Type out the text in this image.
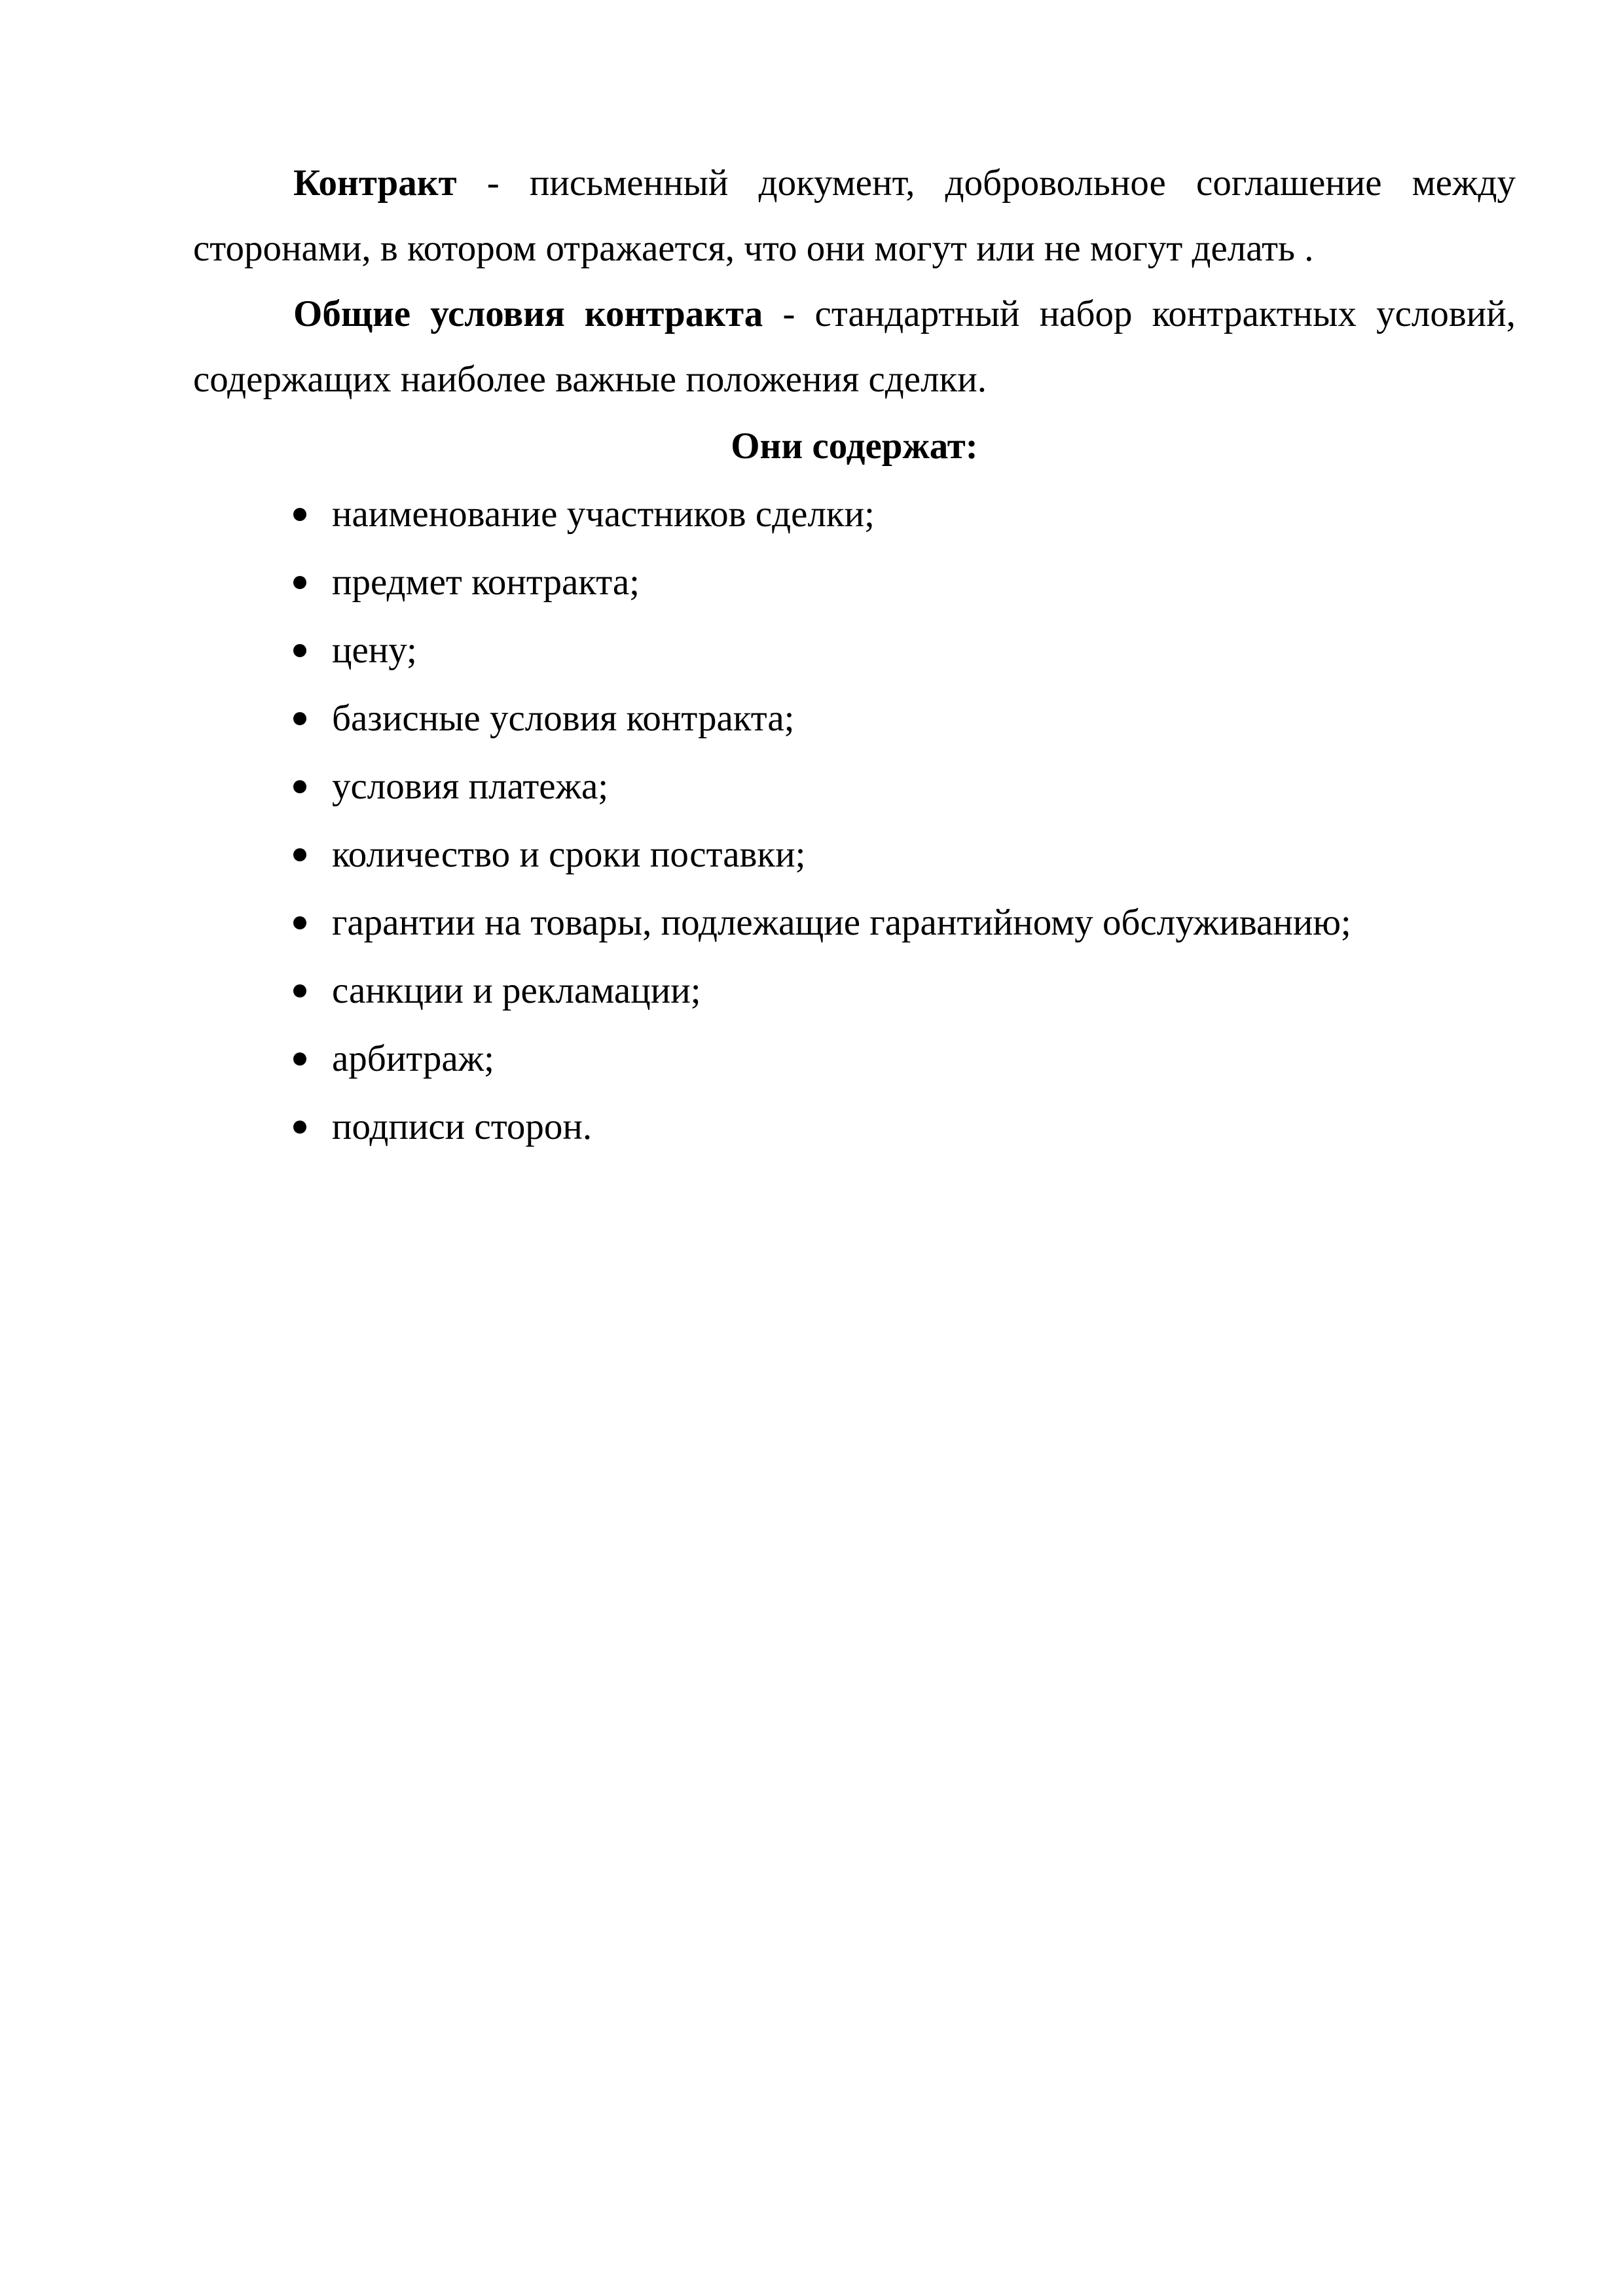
Контракт - письменный документ, добровольное соглашение между сторонами, в котором отражается, что они могут или не могут делать .

Общие условия контракта - стандартный набор контрактных условий, содержащих наиболее важные положения сделки.

Они содержат:

наименование участников сделки;
предмет контракта;
цену;
базисные условия контракта;
условия платежа;
количество и сроки поставки;
гарантии на товары, подлежащие гарантийному обслуживанию;
санкции и рекламации;
арбитраж;
подписи сторон.
